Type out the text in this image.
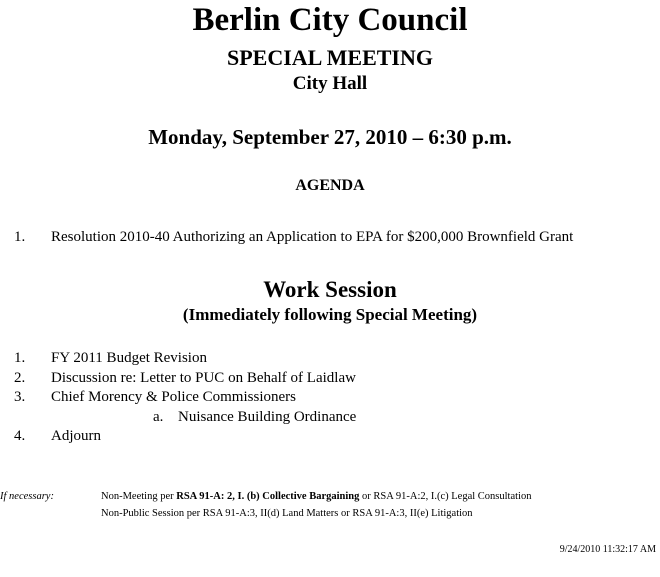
Berlin City Council
SPECIAL MEETING
City Hall
Monday, September 27, 2010 – 6:30 p.m.
AGENDA
1. Resolution 2010-40 Authorizing an Application to EPA for $200,000 Brownfield Grant
Work Session
(Immediately following Special Meeting)
1. FY 2011 Budget Revision
2. Discussion re: Letter to PUC on Behalf of Laidlaw
3. Chief Morency & Police Commissioners
a. Nuisance Building Ordinance
4. Adjourn
If necessary:	Non-Meeting per RSA 91-A: 2, I. (b) Collective Bargaining or RSA 91-A:2, I.(c) Legal Consultation
Non-Public Session per RSA 91-A:3, II(d) Land Matters or RSA 91-A:3, II(e) Litigation
9/24/2010 11:32:17 AM
